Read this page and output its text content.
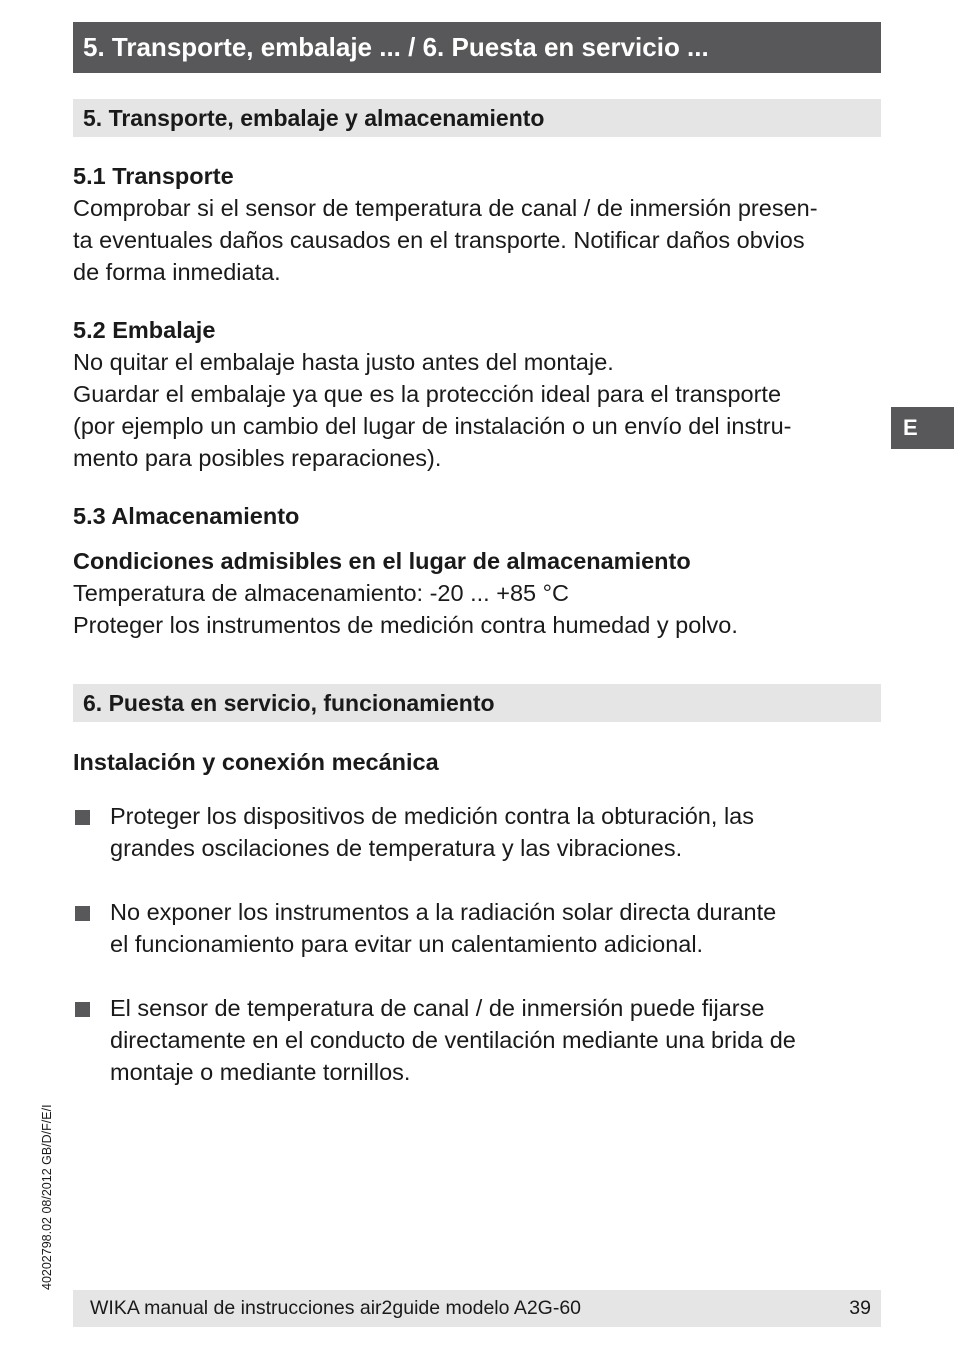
5. Transporte, embalaje ... / 6. Puesta en servicio ...
5. Transporte, embalaje y almacenamiento
5.1 Transporte
Comprobar si el sensor de temperatura de canal / de inmersión presen-
ta eventuales daños causados en el transporte. Notificar daños obvios
de forma inmediata.
5.2 Embalaje
No quitar el embalaje hasta justo antes del montaje.
Guardar el embalaje ya que es la protección ideal para el transporte
(por ejemplo un cambio del lugar de instalación o un envío del instru-
mento para posibles reparaciones).
5.3 Almacenamiento
Condiciones admisibles en el lugar de almacenamiento
Temperatura de almacenamiento: -20 ... +85 °C
Proteger los instrumentos de medición contra humedad y polvo.
6. Puesta en servicio, funcionamiento
Instalación y conexión mecánica
Proteger los dispositivos de medición contra la obturación, las
grandes oscilaciones de temperatura y las vibraciones.
No exponer los instrumentos a la radiación solar directa durante
el funcionamiento para evitar un calentamiento adicional.
El sensor de temperatura de canal / de inmersión puede fijarse
directamente en el conducto de ventilación mediante una brida de
montaje o mediante tornillos.
E
40202798.02 08/2012 GB/D/F/E/I
WIKA manual de instrucciones air2guide modelo A2G-60	39
